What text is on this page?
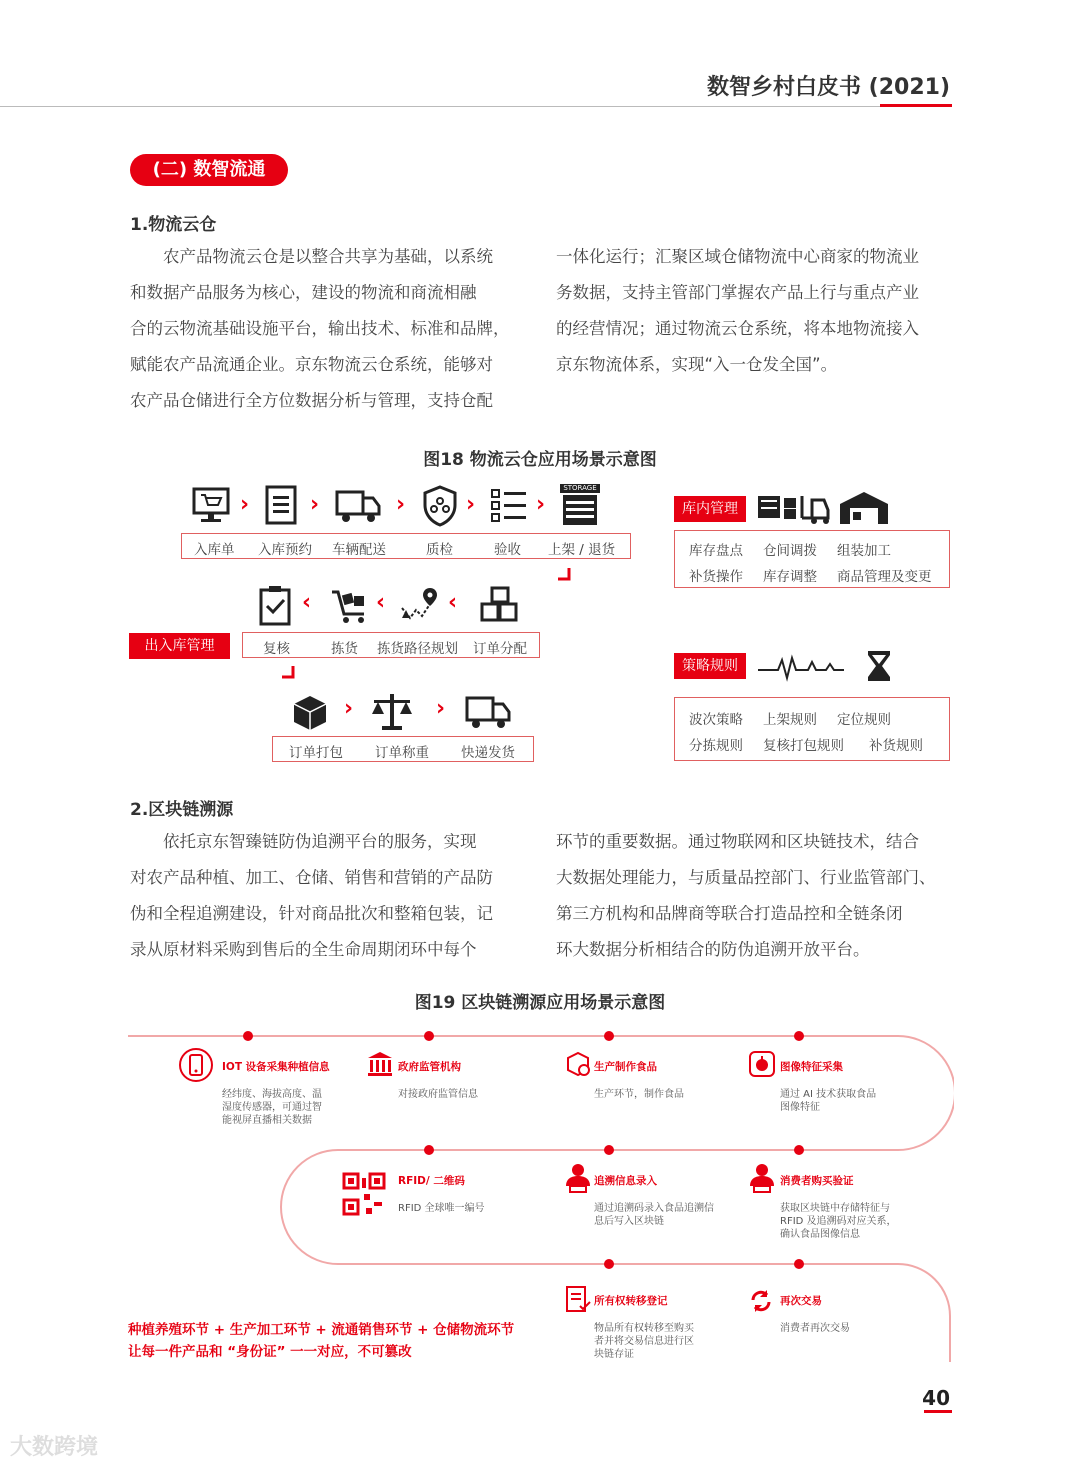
数智乡村白皮书 (2021)
(二) 数智流通
1.物流云仓
农产品物流云仓是以整合共享为基础，以系统
和数据产品服务为核心，建设的物流和商流相融
合的云物流基础设施平台，输出技术、标准和品牌，
赋能农产品流通企业。京东物流云仓系统，能够对
农产品仓储进行全方位数据分析与管理，支持仓配
一体化运行；汇聚区域仓储物流中心商家的物流业
务数据，支持主管部门掌握农产品上行与重点产业
的经营情况；通过物流云仓系统，将本地物流接入
京东物流体系，实现“入一仓发全国”。
图18 物流云仓应用场景示意图
›	›	›	›	›
STORAGE
入库单 入库预约 车辆配送	质检	验收 上架 / 退货
‹	‹	‹
出入库管理	复核	拣货 拣货路径规划 订单分配
›	›
订单打包 订单称重 快递发货
库内管理
库存盘点 仓间调拨 组装加工
补货操作 库存调整 商品管理及变更
策略规则
波次策略 上架规则 定位规则
分拣规则 复核打包规则 补货规则
2.区块链溯源
依托京东智臻链防伪追溯平台的服务，实现
对农产品种植、加工、仓储、销售和营销的产品防
伪和全程追溯建设，针对商品批次和整箱包装，记
录从原材料采购到售后的全生命周期闭环中每个
环节的重要数据。通过物联网和区块链技术，结合
大数据处理能力，与质量品控部门、行业监管部门、
第三方机构和品牌商等联合打造品控和全链条闭
环大数据分析相结合的防伪追溯开放平台。
图19 区块链溯源应用场景示意图
IOT 设备采集种植信息
经纬度、海拔高度、温
湿度传感器，可通过智
能视屏直播相关数据
政府监管机构
对接政府监管信息
生产制作食品
生产环节，制作食品
图像特征采集
通过 AI 技术获取食品
图像特征
RFID/ 二维码
RFID 全球唯一编号
追溯信息录入
通过追溯码录入食品追溯信
息后写入区块链
消费者购买验证
获取区块链中存储特征与
RFID 及追溯码对应关系，
确认食品图像信息
所有权转移登记
物品所有权转移至购买
者并将交易信息进行区
块链存证
再次交易
消费者再次交易
种植养殖环节 + 生产加工环节 + 流通销售环节 + 仓储物流环节
让每一件产品和 “身份证” 一一对应，不可篡改
40
大数跨境
